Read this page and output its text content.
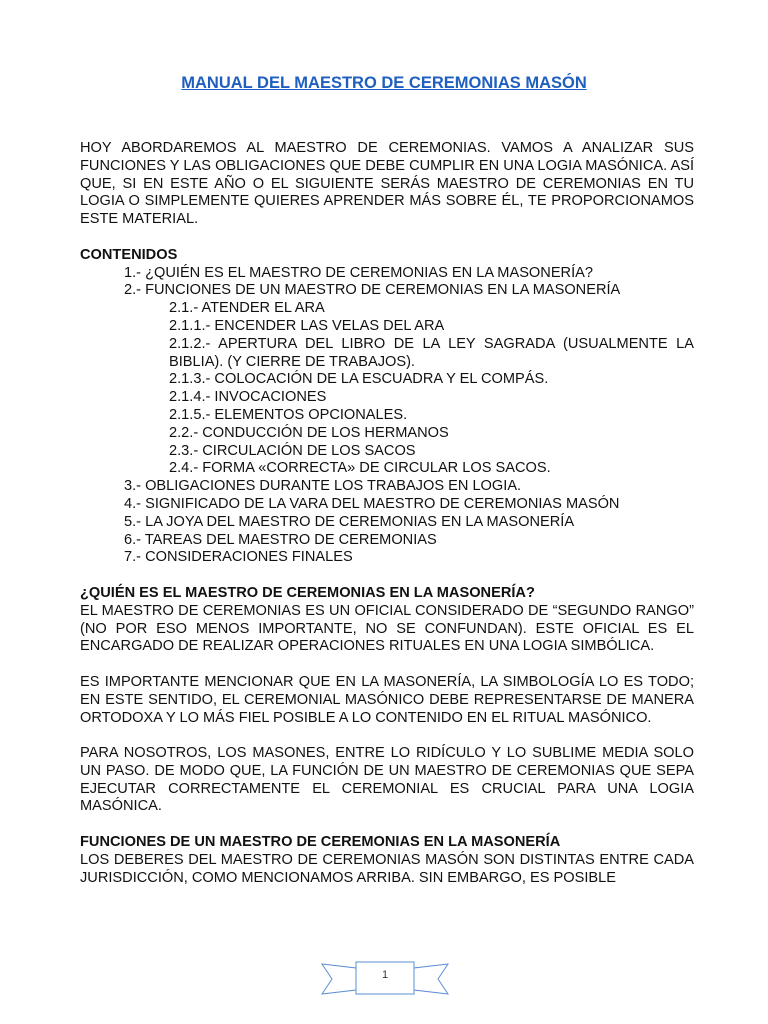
MANUAL DEL MAESTRO DE CEREMONIAS MASÓN

HOY ABORDAREMOS AL MAESTRO DE CEREMONIAS. VAMOS A ANALIZAR SUS FUNCIONES Y LAS OBLIGACIONES QUE DEBE CUMPLIR EN UNA LOGIA MASÓNICA. ASÍ QUE, SI EN ESTE AÑO O EL SIGUIENTE SERÁS MAESTRO DE CEREMONIAS EN TU LOGIA O SIMPLEMENTE QUIERES APRENDER MÁS SOBRE ÉL, TE PROPORCIONAMOS ESTE MATERIAL.

CONTENIDOS

1.- ¿QUIÉN ES EL MAESTRO DE CEREMONIAS EN LA MASONERÍA?
2.- FUNCIONES DE UN MAESTRO DE CEREMONIAS EN LA MASONERÍA
2.1.- ATENDER EL ARA
2.1.1.- ENCENDER LAS VELAS DEL ARA
2.1.2.- APERTURA DEL LIBRO DE LA LEY SAGRADA (USUALMENTE LA BIBLIA). (Y CIERRE DE TRABAJOS).
2.1.3.- COLOCACIÓN DE LA ESCUADRA Y EL COMPÁS.
2.1.4.- INVOCACIONES
2.1.5.- ELEMENTOS OPCIONALES.
2.2.- CONDUCCIÓN DE LOS HERMANOS
2.3.- CIRCULACIÓN DE LOS SACOS
2.4.- FORMA «CORRECTA» DE CIRCULAR LOS SACOS.
3.- OBLIGACIONES DURANTE LOS TRABAJOS EN LOGIA.
4.- SIGNIFICADO DE LA VARA DEL MAESTRO DE CEREMONIAS MASÓN
5.- LA JOYA DEL MAESTRO DE CEREMONIAS EN LA MASONERÍA
6.- TAREAS DEL MAESTRO DE CEREMONIAS
7.- CONSIDERACIONES FINALES

¿QUIÉN ES EL MAESTRO DE CEREMONIAS EN LA MASONERÍA?

EL MAESTRO DE CEREMONIAS ES UN OFICIAL CONSIDERADO DE “SEGUNDO RANGO” (NO POR ESO MENOS IMPORTANTE, NO SE CONFUNDAN). ESTE OFICIAL ES EL ENCARGADO DE REALIZAR OPERACIONES RITUALES EN UNA LOGIA SIMBÓLICA.

ES IMPORTANTE MENCIONAR QUE EN LA MASONERÍA, LA SIMBOLOGÍA LO ES TODO; EN ESTE SENTIDO, EL CEREMONIAL MASÓNICO DEBE REPRESENTARSE DE MANERA ORTODOXA Y LO MÁS FIEL POSIBLE A LO CONTENIDO EN EL RITUAL MASÓNICO.

PARA NOSOTROS, LOS MASONES, ENTRE LO RIDÍCULO Y LO SUBLIME MEDIA SOLO UN PASO. DE MODO QUE, LA FUNCIÓN DE UN MAESTRO DE CEREMONIAS QUE SEPA EJECUTAR CORRECTAMENTE EL CEREMONIAL ES CRUCIAL PARA UNA LOGIA MASÓNICA.

FUNCIONES DE UN MAESTRO DE CEREMONIAS EN LA MASONERÍA

LOS DEBERES DEL MAESTRO DE CEREMONIAS MASÓN SON DISTINTAS ENTRE CADA JURISDICCIÓN, COMO MENCIONAMOS ARRIBA. SIN EMBARGO, ES POSIBLE

1
